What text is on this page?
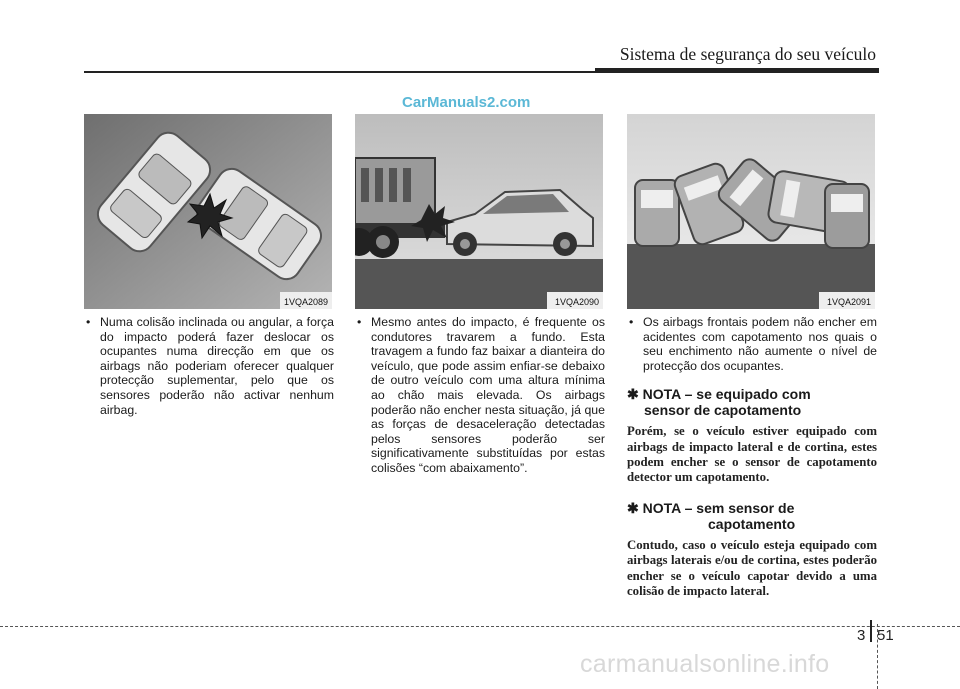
Sistema de segurança do seu veículo
CarManuals2.com
1VQA2089	1VQA2090	1VQA2091
• Numa colisão inclinada ou angular, a força do impacto poderá fazer deslocar os ocupantes numa direcção em que os airbags não poderiam oferecer qualquer protecção suplementar, pelo que os sensores poderão não activar nenhum airbag.
• Mesmo antes do impacto, é frequente os condutores travarem a fundo. Esta travagem a fundo faz baixar a dianteira do veículo, que pode assim enfiar-se debaixo de outro veículo com uma altura mínima ao chão mais elevada. Os airbags poderão não encher nesta situação, já que as forças de desaceleração detectadas pelos sensores poderão ser significativamente substituídas por estas colisões “com abaixamento”.
• Os airbags frontais podem não encher em acidentes com capotamento nos quais o seu enchimento não aumente o nível de protecção dos ocupantes.
✱ NOTA – se equipado com
sensor de capotamento
Porém, se o veículo estiver equipado com airbags de impacto lateral e de cortina, estes podem encher se o sensor de capotamento detector um capotamento.
✱ NOTA – sem sensor de
capotamento
Contudo, caso o veículo esteja equipado com airbags laterais e/ou de cortina, estes poderão encher se o veículo capotar devido a uma colisão de impacto lateral.
3 51
carmanualsonline.info
